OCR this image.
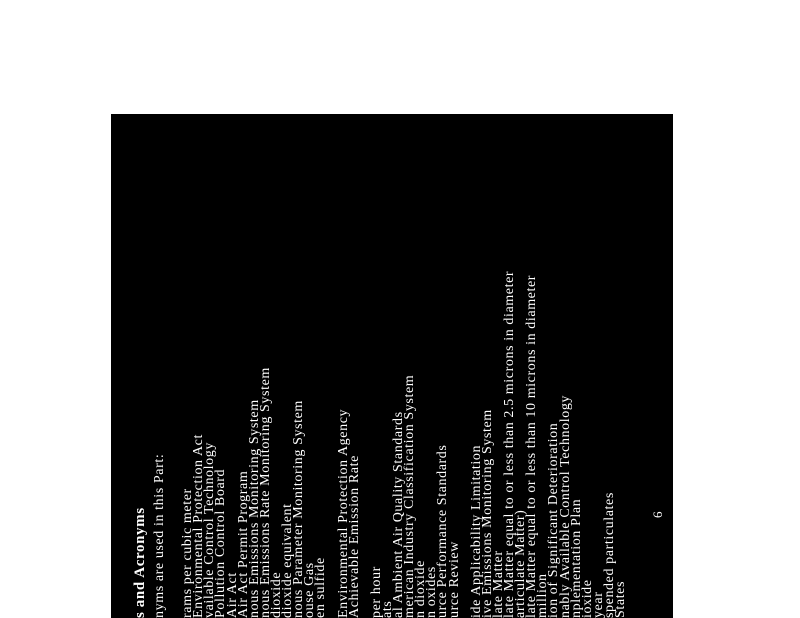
s and Acronyms nyms are used in this Part: rams per cubic meter
Environmental Protection Act
vailable Control Technology
Pollution Control Board
Air Act
Air Act Permit Program
nous Emissions Monitoring System
nous Emissions Rate Monitoring System
dioxide
dioxide equivalent
nous Parameter Monitoring System
ouse Gas
en sulfide Environmental Protection Agency
Achievable Emission Rate per hour
ats
al Ambient Air Quality Standards
merican Industry Classification System
n dioxide
n oxides
urce Performance Standards
urce Review ide Applicability Limitation
ive Emissions Monitoring System
late Matter
late Matter equal to or less than 2.5 microns in diameter
articulate Matter)
late Matter equal to or less than 10 microns in diameter
million
ion of Significant Deterioration
nably Available Control Technology
nplementation Plan
ioxide
year
spended particulates
States
6
